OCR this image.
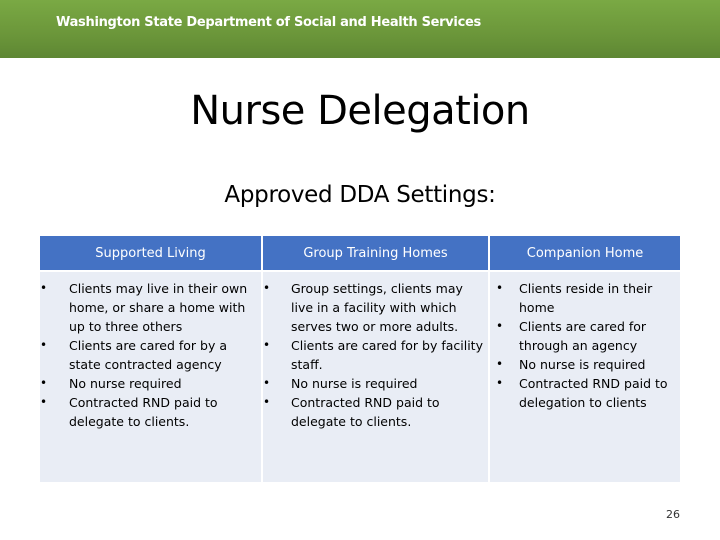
Washington State Department of Social and Health Services
Nurse Delegation
Approved DDA Settings:
Supported Living	Group Training Homes	Companion Home
• Clients may live in their own home, or share a home with up to three others
• Clients are cared for by a state contracted agency
• No nurse required
• Contracted RND paid to delegate to clients.
• Group settings, clients may live in a facility with which serves two or more adults.
• Clients are cared for by facility staff.
• No nurse is required
• Contracted RND paid to delegate to clients.
• Clients reside in their home
• Clients are cared for through an agency
• No nurse is required
• Contracted RND paid to delegation to clients
26
